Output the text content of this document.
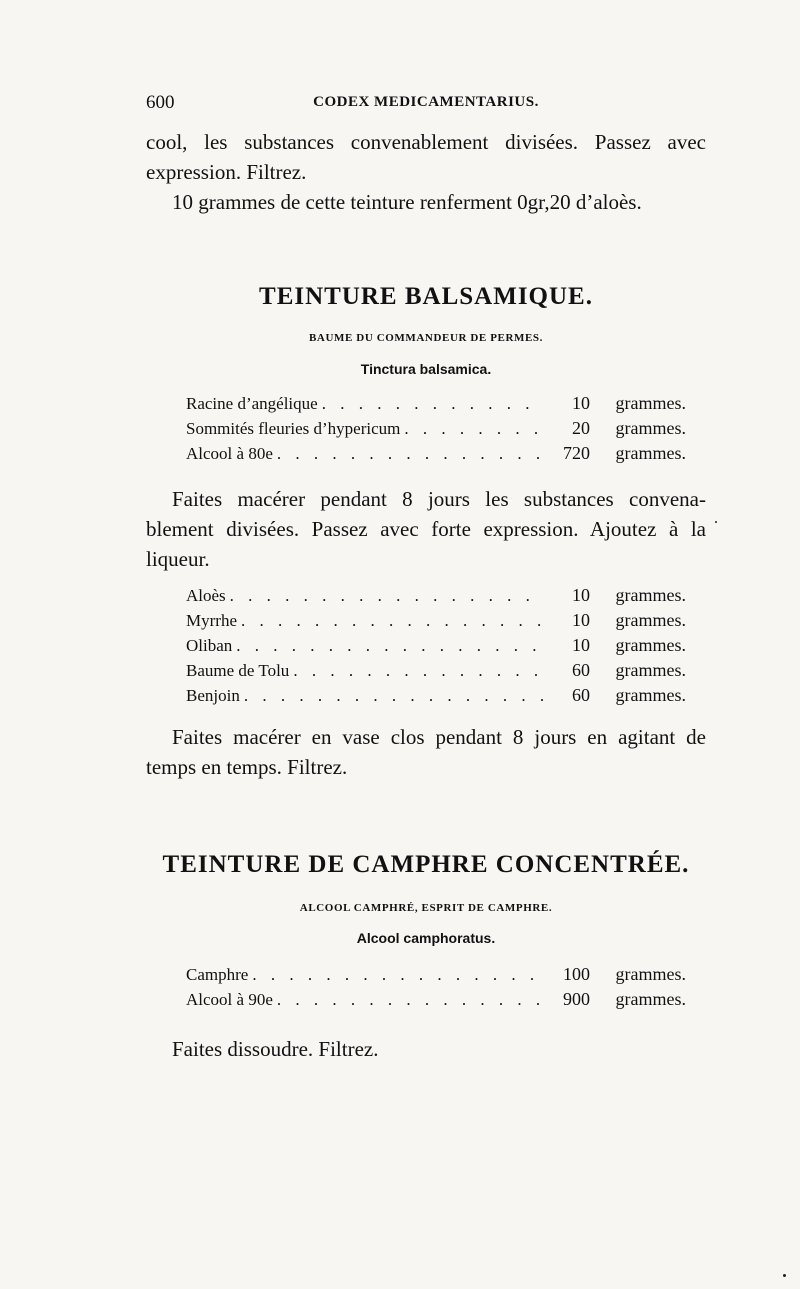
600	CODEX MEDICAMENTARIUS.
cool, les substances convenablement divisées. Passez avec
expression. Filtrez.
10 grammes de cette teinture renferment 0gr,20 d’aloès.
TEINTURE BALSAMIQUE.
BAUME DU COMMANDEUR DE PERMES.
Tinctura balsamica.
Racine d’angélique . . .	10	grammes.
Sommités fleuries d’hypericum . . .	20	grammes.
Alcool à 80e . . .	720	grammes.
Faites macérer pendant 8 jours les substances convena-
blement divisées. Passez avec forte expression. Ajoutez à la
liqueur.
Aloès . . .	10	grammes.
Myrrhe . . .	10	grammes.
Oliban . . .	10	grammes.
Baume de Tolu . . .	60	grammes.
Benjoin . . .	60	grammes.
Faites macérer en vase clos pendant 8 jours en agitant de
temps en temps. Filtrez.
TEINTURE DE CAMPHRE CONCENTRÉE.
ALCOOL CAMPHRÉ, ESPRIT DE CAMPHRE.
Alcool camphoratus.
Camphre . . .	100	grammes.
Alcool à 90e . . .	900	grammes.
Faites dissoudre. Filtrez.
